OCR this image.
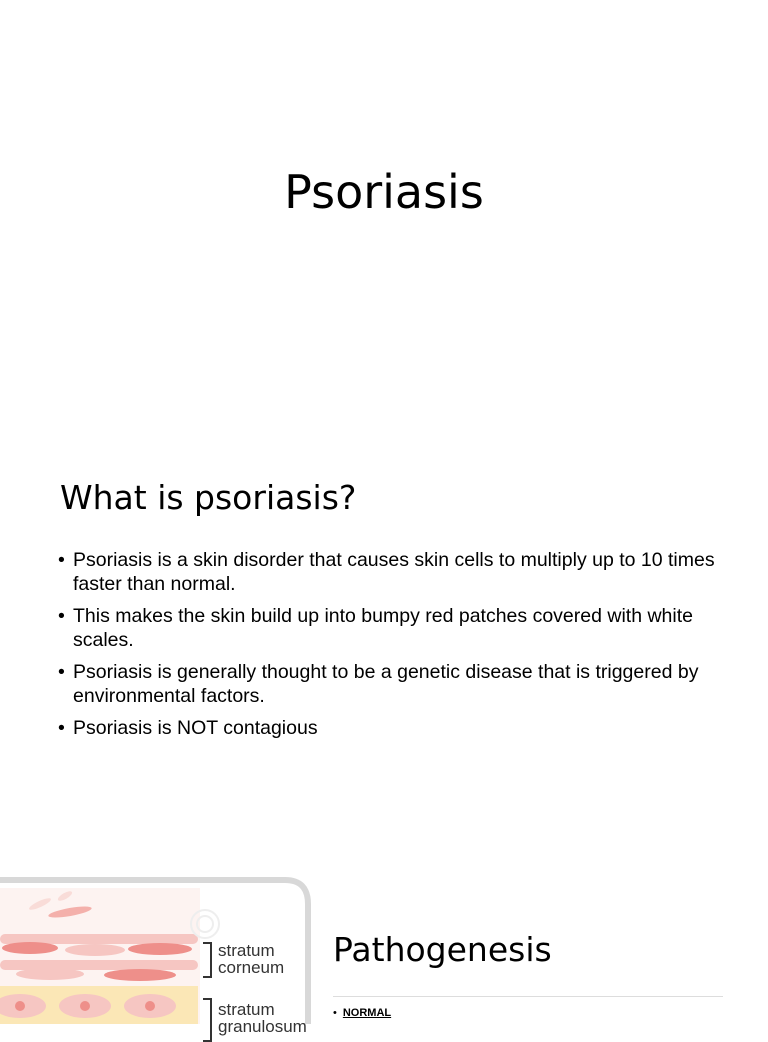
Psoriasis
What is psoriasis?
• Psoriasis is a skin disorder that causes skin cells to multiply up to 10 times faster than normal.
• This makes the skin build up into bumpy red patches covered with white scales.
• Psoriasis is generally thought to be a genetic disease that is triggered by environmental factors.
• Psoriasis is NOT contagious
stratum
corneum
stratum
granulosum
Pathogenesis
• NORMAL
